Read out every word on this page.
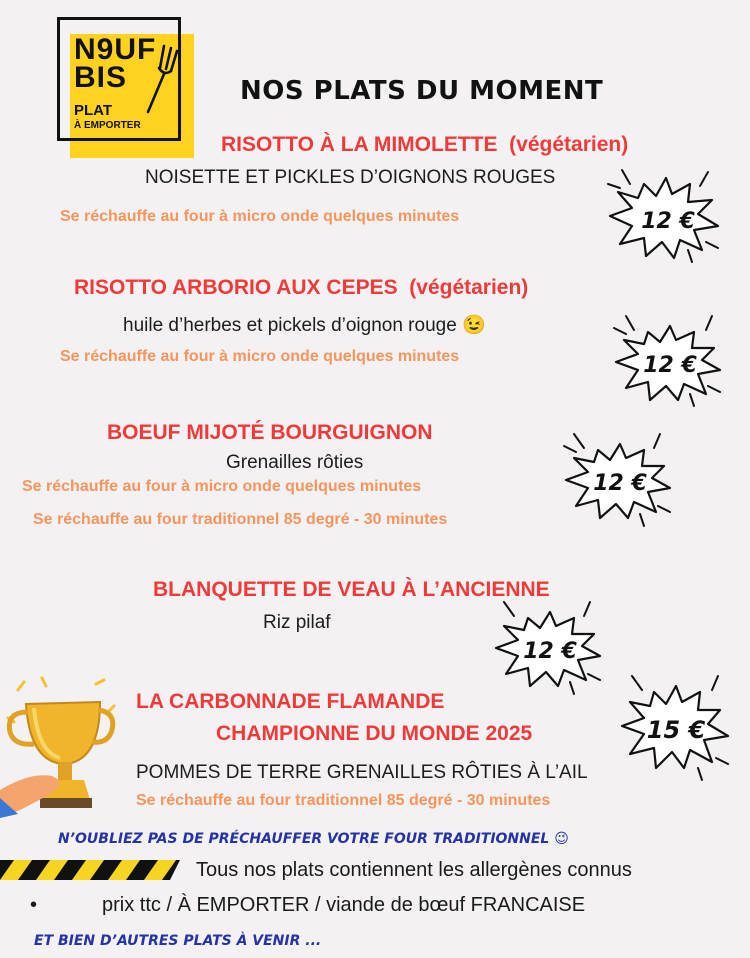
N9UF
BIS
PLAT
À EMPORTER
NOS PLATS DU MOMENT
RISOTTO À LA MIMOLETTE (végétarien)
NOISETTE ET PICKLES D’OIGNONS ROUGES
Se réchauffe au four à micro onde quelques minutes
RISOTTO ARBORIO AUX CEPES (végétarien)
huile d’herbes et pickels d’oignon rouge 😉
Se réchauffe au four à micro onde quelques minutes
BOEUF MIJOTÉ BOURGUIGNON
Grenailles rôties
Se réchauffe au four à micro onde quelques minutes
Se réchauffe au four traditionnel 85 degré - 30 minutes
BLANQUETTE DE VEAU À L’ANCIENNE
Riz pilaf
LA CARBONNADE FLAMANDE
CHAMPIONNE DU MONDE 2025
POMMES DE TERRE GRENAILLES RÔTIES À L’AIL
Se réchauffe au four traditionnel 85 degré - 30 minutes
12 €
12 €
12 €
12 €
15 €
N’OUBLIEZ PAS DE PRÉCHAUFFER VOTRE FOUR TRADITIONNEL 😉
Tous nos plats contiennent les allergènes connus
•	prix ttc / À EMPORTER / viande de bœuf FRANCAISE
ET BIEN D’AUTRES PLATS À VENIR ...
